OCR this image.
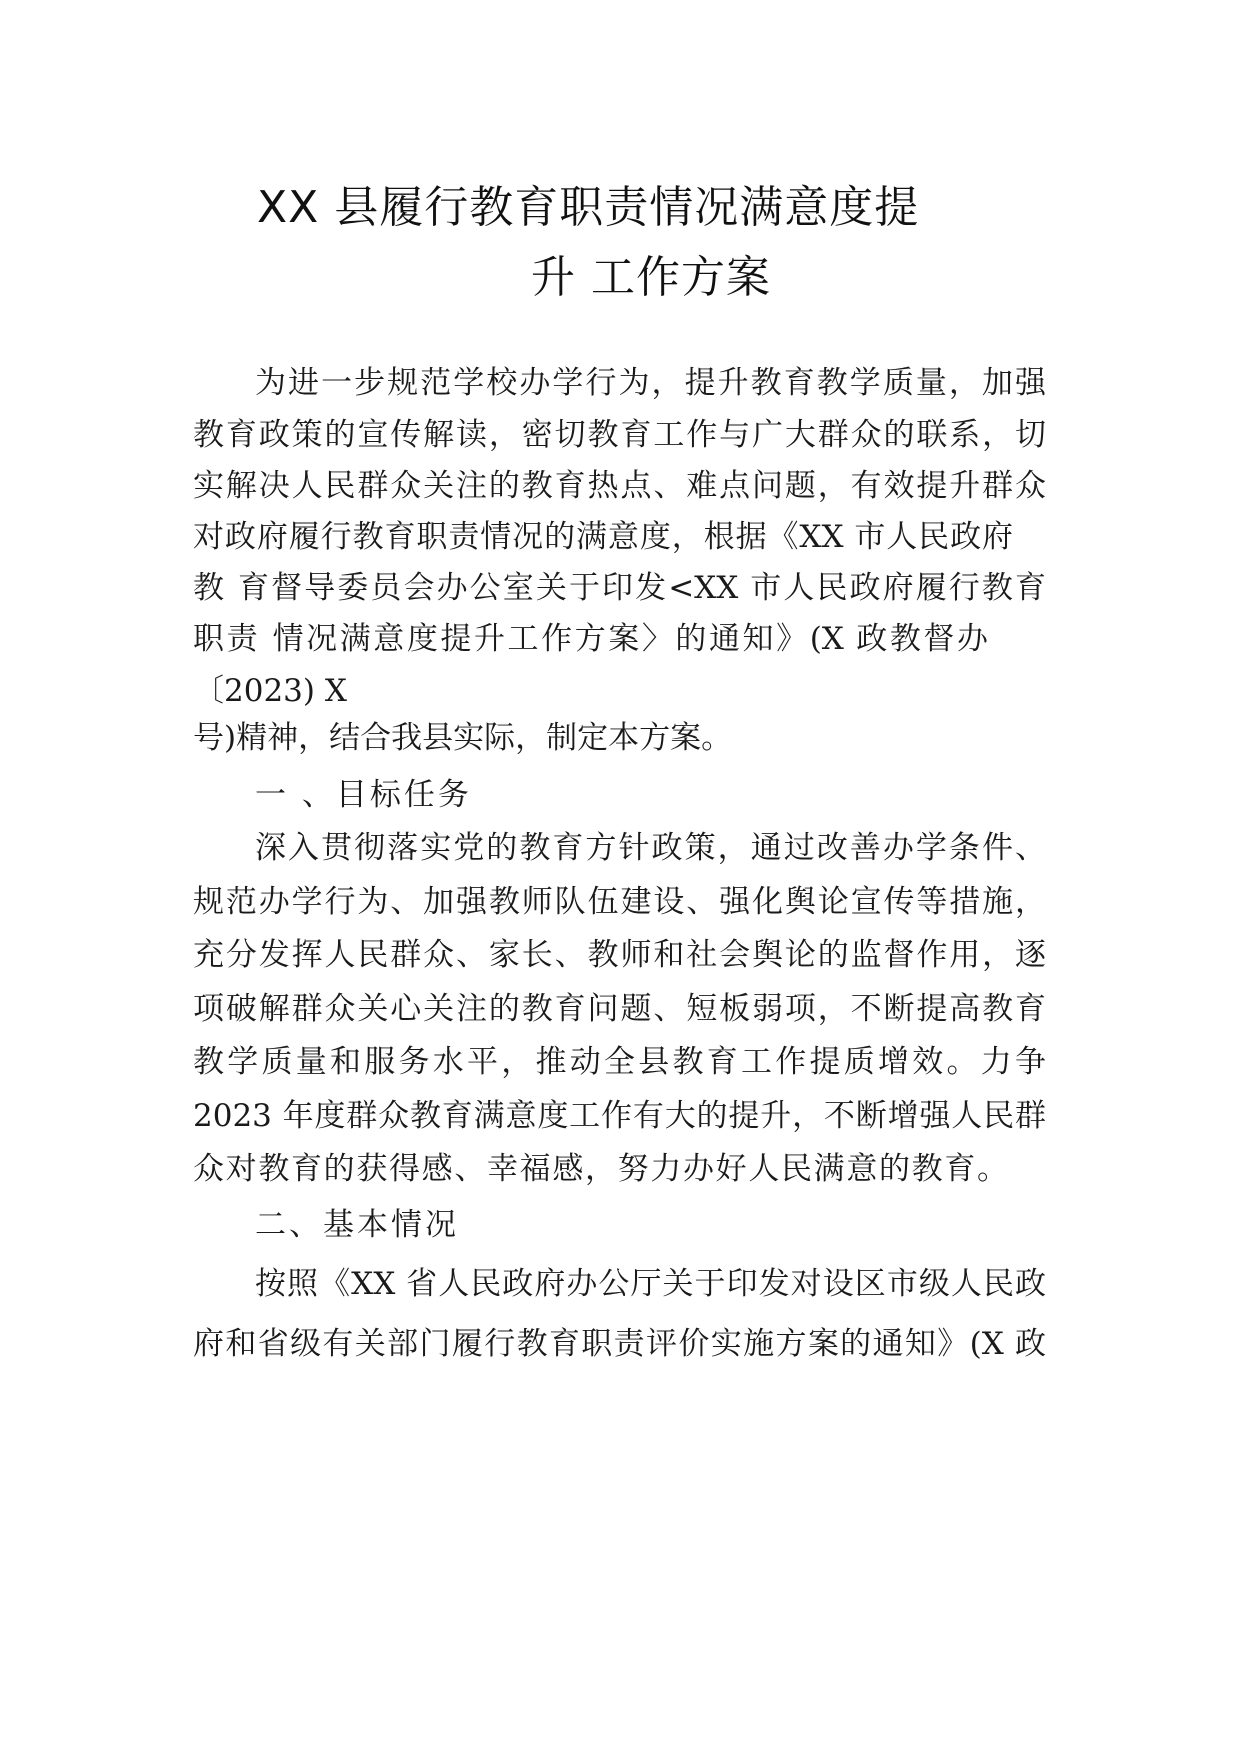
XX 县履行教育职责情况满意度提
升 工作方案
为进一步规范学校办学行为，提升教育教学质量，加强
教育政策的宣传解读，密切教育工作与广大群众的联系，切
实解决人民群众关注的教育热点、难点问题，有效提升群众
对政府履行教育职责情况的满意度，根据《XX 市人民政府
教 育督导委员会办公室关于印发<XX 市人民政府履行教育
职责 情况满意度提升工作方案〉的通知》(X 政教督办
〔2023) X
号)精神，结合我县实际，制定本方案。
一 、目标任务
深入贯彻落实党的教育方针政策，通过改善办学条件、
规范办学行为、加强教师队伍建设、强化舆论宣传等措施，
充分发挥人民群众、家长、教师和社会舆论的监督作用，逐
项破解群众关心关注的教育问题、短板弱项，不断提高教育
教学质量和服务水平，推动全县教育工作提质增效。力争
2023 年度群众教育满意度工作有大的提升，不断增强人民群
众对教育的获得感、幸福感，努力办好人民满意的教育。
二、基本情况
按照《XX 省人民政府办公厅关于印发对设区市级人民政
府和省级有关部门履行教育职责评价实施方案的通知》(X 政
